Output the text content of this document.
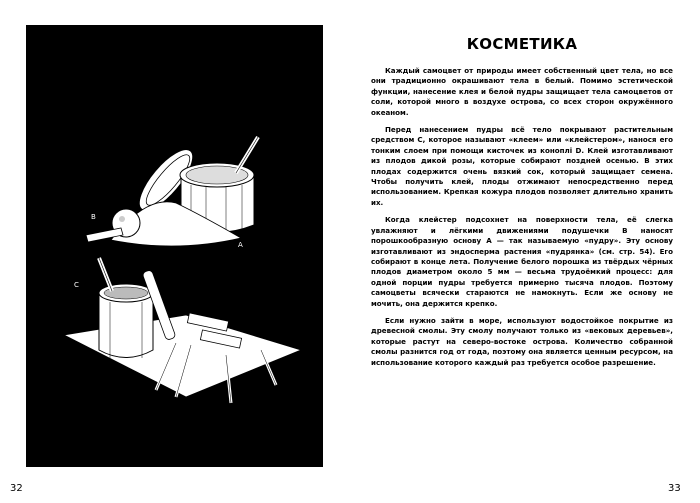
A
B
C
D
32
КОСМЕТИКА

Каждый самоцвет от природы имеет собственный цвет тела, но все они традиционно окрашивают тела в белый. Помимо эстетической функции, нанесение клея и белой пудры защищает тела самоцветов от соли, которой много в воздухе острова, со всех сторон окружённого океаном.

Перед нанесением пудры всё тело покрывают растительным средством C, которое называют «клеем» или «клейстером», нанося его тонким слоем при помощи кисточек из коноплі D. Клей изготавливают из плодов дикой розы, которые собирают поздней осенью. В этих плодах содержится очень вязкий сок, который защищает семена. Чтобы получить клей, плоды отжимают непосредственно перед использованием. Крепкая кожура плодов позволяет длительно хранить их.

Когда клейстер подсохнет на поверхности тела, её слегка увлажняют и лёгкими движениями подушечки B наносят порошкообразную основу A — так называемую «пудру». Эту основу изготавливают из эндосперма растения «пудрянка» (см. стр. 54). Его собирают в конце лета. Получение белого порошка из твёрдых чёрных плодов диаметром около 5 мм — весьма трудоёмкий процесс: для одной порции пудры требуется примерно тысяча плодов. Поэтому самоцветы всячески стараются не намокнуть. Если же основу не мочить, она держится крепко.

Если нужно зайти в море, используют водостойкое покрытие из древесной смолы. Эту смолу получают только из «вековых деревьев», которые растут на северо-востоке острова. Количество собранной смолы разнится год от года, поэтому она является ценным ресурсом, на использование которого каждый раз требуется особое разрешение.

33
